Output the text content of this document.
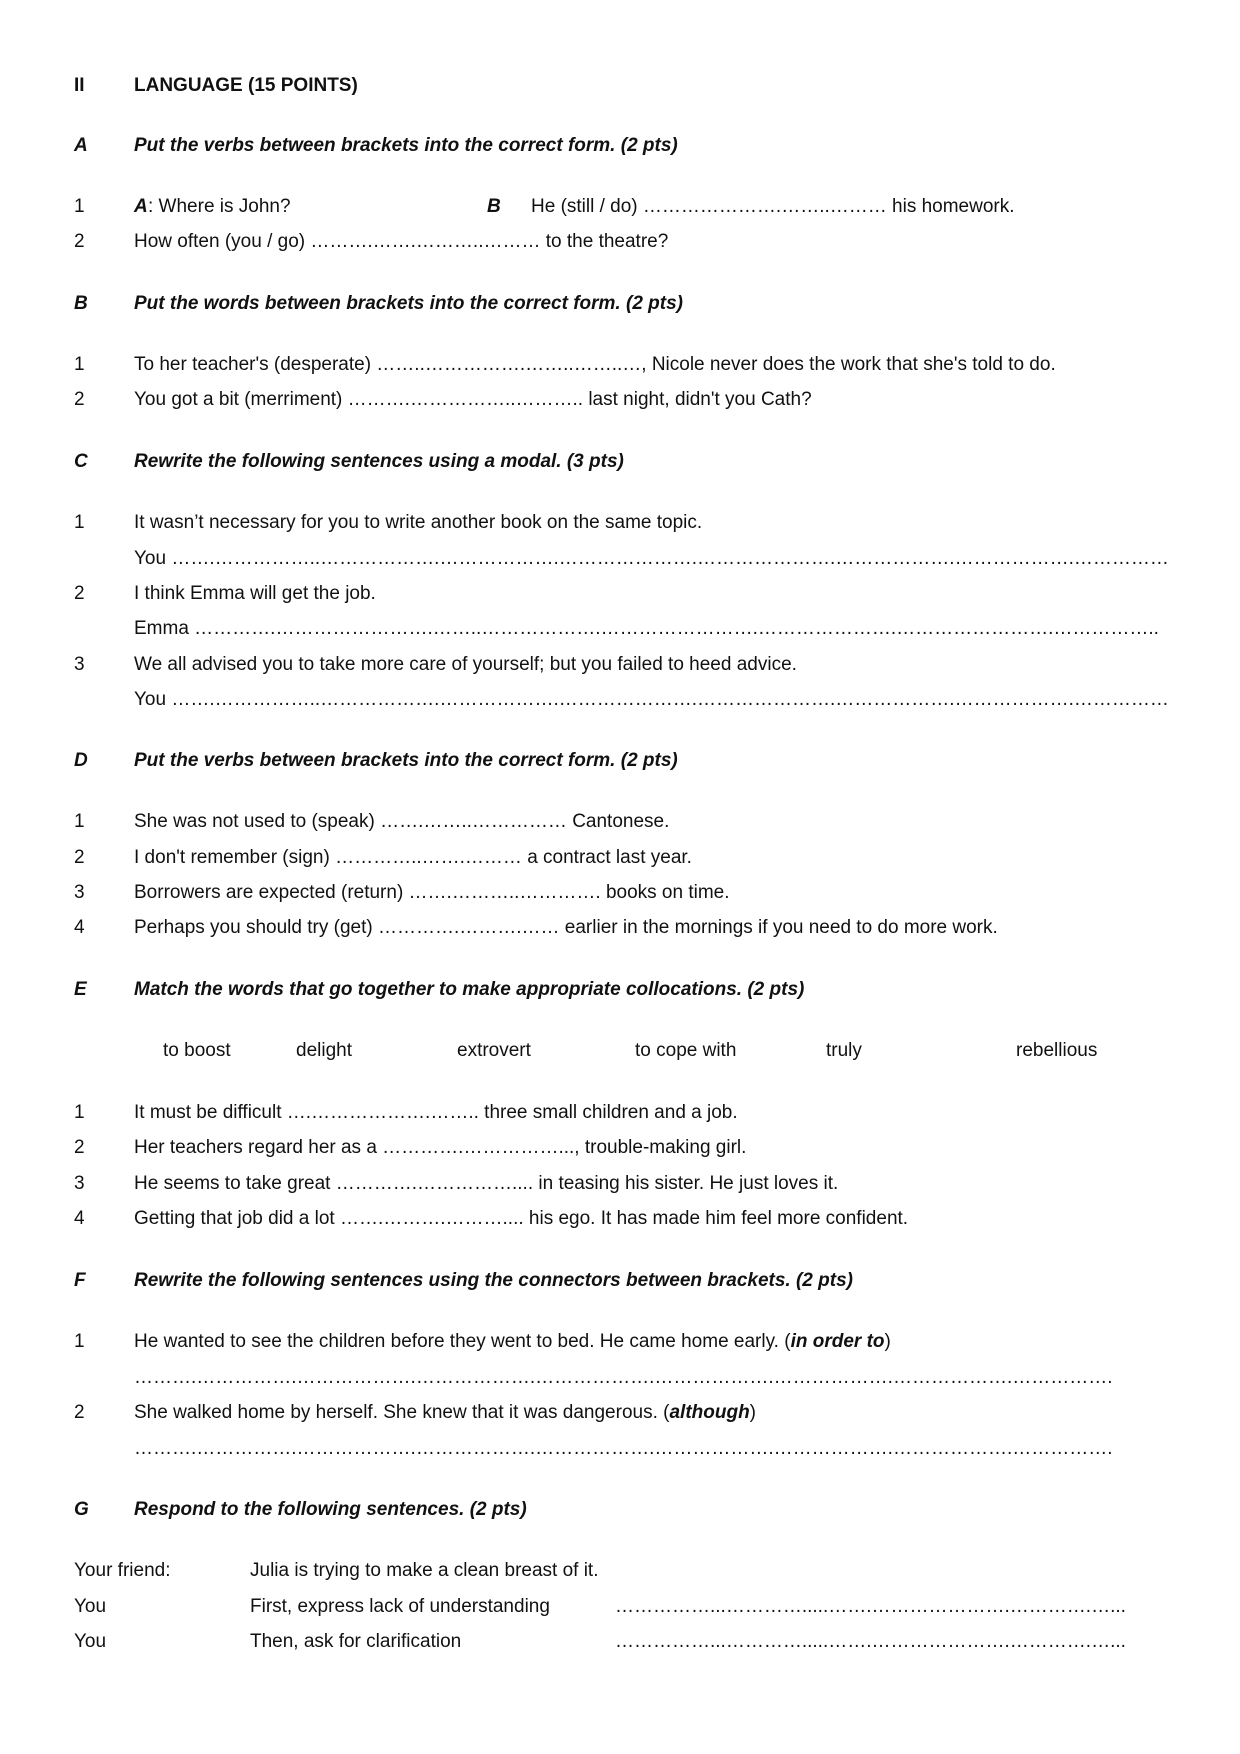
II	LANGUAGE (15 POINTS)
A Put the verbs between brackets into the correct form. (2 pts)
1	A : Where is John?	B He (still / do) ………………….……..……… his homework.
2	How often (you / go) ……….…….………..……… to the theatre?
B Put the words between brackets into the correct form. (2 pts)
1	To her teacher's (desperate) ……..…………….……..……..…, Nicole never does the work that she's told to do.
2	You got a bit (merriment) ……….……………..……….. last night, didn't you Cath?
C Rewrite the following sentences using a modal. (3 pts)
1	It wasn’t necessary for you to write another book on the same topic.
You …….……………..……………….……………….………………….………………….……………….……………….……………
2	I think Emma will get the job.
Emma ………….…………………….……..……………….…………………….………………….…………………….……………..
3	We all advised you to take more care of yourself; but you failed to heed advice.
You …….……………..……………….……………….………………….………………….……………….……………….……………
D Put the verbs between brackets into the correct form. (2 pts)
1	She was not used to (speak) …….……..…………… Cantonese.
2	I don't remember (sign) …………..…….……… a contract last year.
3	Borrowers are expected (return) …….………..…………. books on time.
4	Perhaps you should try (get) ………….……….…… earlier in the mornings if you need to do more work.
E Match the words that go together to make appropriate collocations. (2 pts)
to boost	delight	extrovert	to cope with	truly	rebellious
1	It must be difficult ….……………….…….. three small children and a job.
2	Her teachers regard her as a ………….……………..., trouble-making girl.
3	He seems to take great ………….…………….... in teasing his sister. He just loves it.
4	Getting that job did a lot …….……….……….... his ego. It has made him feel more confident.
F	Rewrite the following sentences using the connectors between brackets. (2 pts)
1	He wanted to see the children before they went to bed. He came home early. (in order to)
……….…………….……………….……………….……………….……………….……………….……………….…………….
2	She walked home by herself. She knew that it was dangerous. (although)
……….…………….……………….……………….……………….……………….……………….……………….…………….
G Respond to the following sentences. (2 pts)
Your friend:	Julia is trying to make a clean breast of it.
You	First, express lack of understanding	……………...………….....…….………………….………….…...
You	Then, ask for clarification	……………...………….....…….………………….………….…...
